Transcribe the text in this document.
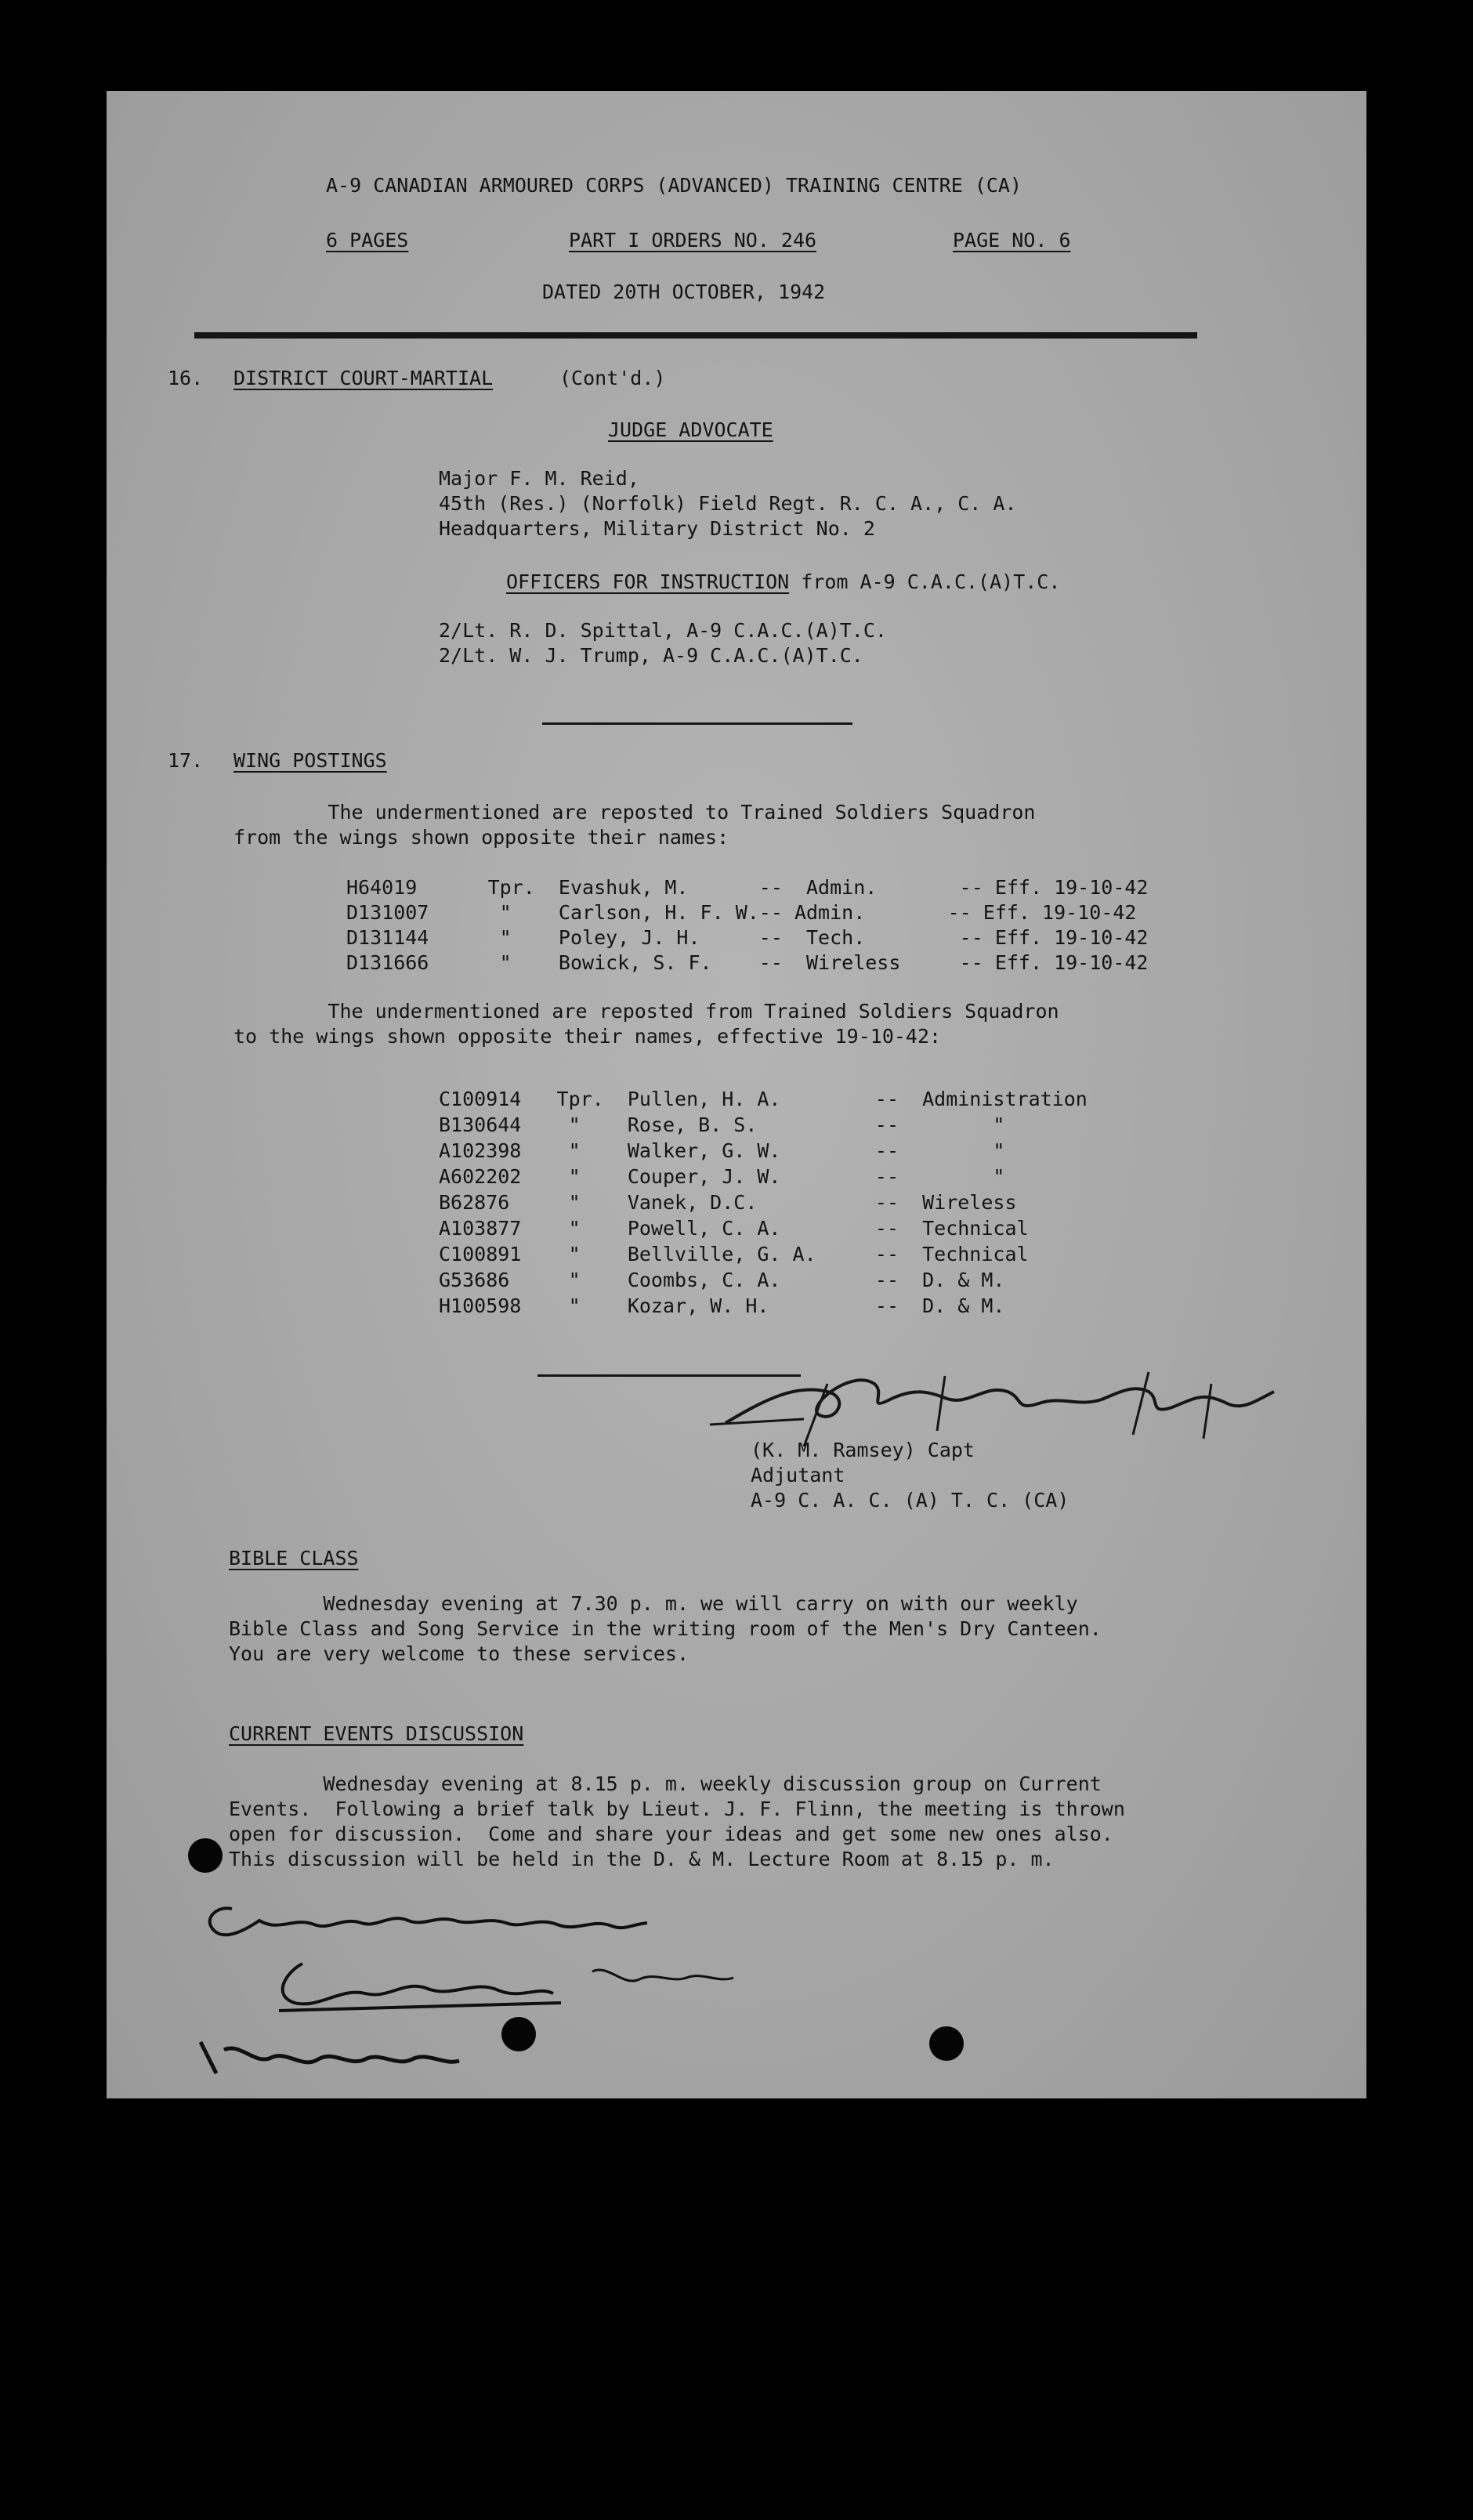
A-9 CANADIAN ARMOURED CORPS (ADVANCED) TRAINING CENTRE (CA)
6 PAGES	PART I ORDERS NO. 246	PAGE NO. 6
DATED 20TH OCTOBER, 1942
16. DISTRICT COURT-MARTIAL	(Cont'd.)
JUDGE ADVOCATE
Major F. M. Reid,
45th (Res.) (Norfolk) Field Regt. R. C. A., C. A.
Headquarters, Military District No. 2
OFFICERS FOR INSTRUCTION from A-9 C.A.C.(A)T.C.
2/Lt. R. D. Spittal, A-9 C.A.C.(A)T.C.
2/Lt. W. J. Trump, A-9 C.A.C.(A)T.C.
17. WING POSTINGS
The undermentioned are reposted to Trained Soldiers Squadron
from the wings shown opposite their names:
H64019      Tpr.  Evashuk, M.      --  Admin.       -- Eff. 19-10-42
D131007      "    Carlson, H. F. W.-- Admin.       -- Eff. 19-10-42
D131144      "    Poley, J. H.     --  Tech.        -- Eff. 19-10-42
D131666      "    Bowick, S. F.    --  Wireless     -- Eff. 19-10-42
The undermentioned are reposted from Trained Soldiers Squadron
to the wings shown opposite their names, effective 19-10-42:
C100914   Tpr.  Pullen, H. A.        --  Administration
B130644    "    Rose, B. S.          --        "
A102398    "    Walker, G. W.        --        "
A602202    "    Couper, J. W.        --        "
B62876     "    Vanek, D.C.          --  Wireless
A103877    "    Powell, C. A.        --  Technical
C100891    "    Bellville, G. A.     --  Technical
G53686     "    Coombs, C. A.        --  D. & M.
H100598    "    Kozar, W. H.         --  D. & M.
(K. M. Ramsey) Capt
Adjutant
A-9 C. A. C. (A) T. C. (CA)
BIBLE CLASS
Wednesday evening at 7.30 p. m. we will carry on with our weekly
Bible Class and Song Service in the writing room of the Men's Dry Canteen.
You are very welcome to these services.
CURRENT EVENTS DISCUSSION
Wednesday evening at 8.15 p. m. weekly discussion group on Current
Events.  Following a brief talk by Lieut. J. F. Flinn, the meeting is thrown
open for discussion.  Come and share your ideas and get some new ones also.
This discussion will be held in the D. & M. Lecture Room at 8.15 p. m.
